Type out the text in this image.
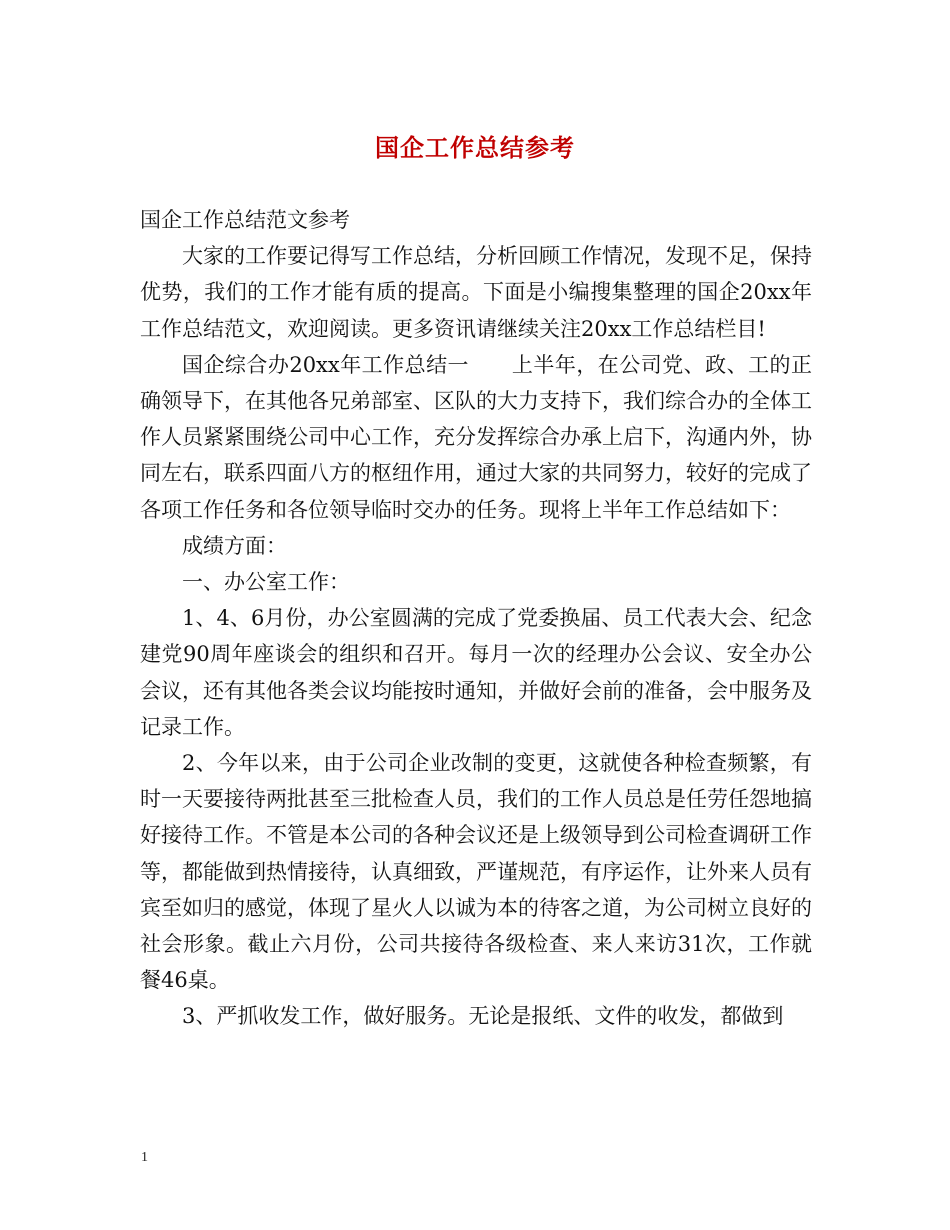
国企工作总结参考

国企工作总结范文参考

大家的工作要记得写工作总结，分析回顾工作情况，发现不足，保持优势，我们的工作才能有质的提高。下面是小编搜集整理的国企20xx年工作总结范文，欢迎阅读。更多资讯请继续关注20xx工作总结栏目!

国企综合办20xx年工作总结一　　上半年，在公司党、政、工的正确领导下，在其他各兄弟部室、区队的大力支持下，我们综合办的全体工作人员紧紧围绕公司中心工作，充分发挥综合办承上启下，沟通内外，协同左右，联系四面八方的枢纽作用，通过大家的共同努力，较好的完成了各项工作任务和各位领导临时交办的任务。现将上半年工作总结如下：

成绩方面：

一、办公室工作：

1、4、6月份，办公室圆满的完成了党委换届、员工代表大会、纪念建党90周年座谈会的组织和召开。每月一次的经理办公会议、安全办公会议，还有其他各类会议均能按时通知，并做好会前的准备，会中服务及记录工作。

2、今年以来，由于公司企业改制的变更，这就使各种检查频繁，有时一天要接待两批甚至三批检查人员，我们的工作人员总是任劳任怨地搞好接待工作。不管是本公司的各种会议还是上级领导到公司检查调研工作等，都能做到热情接待，认真细致，严谨规范，有序运作，让外来人员有宾至如归的感觉，体现了星火人以诚为本的待客之道，为公司树立良好的社会形象。截止六月份，公司共接待各级检查、来人来访31次，工作就餐46桌。

3、严抓收发工作，做好服务。无论是报纸、文件的收发，都做到

1
